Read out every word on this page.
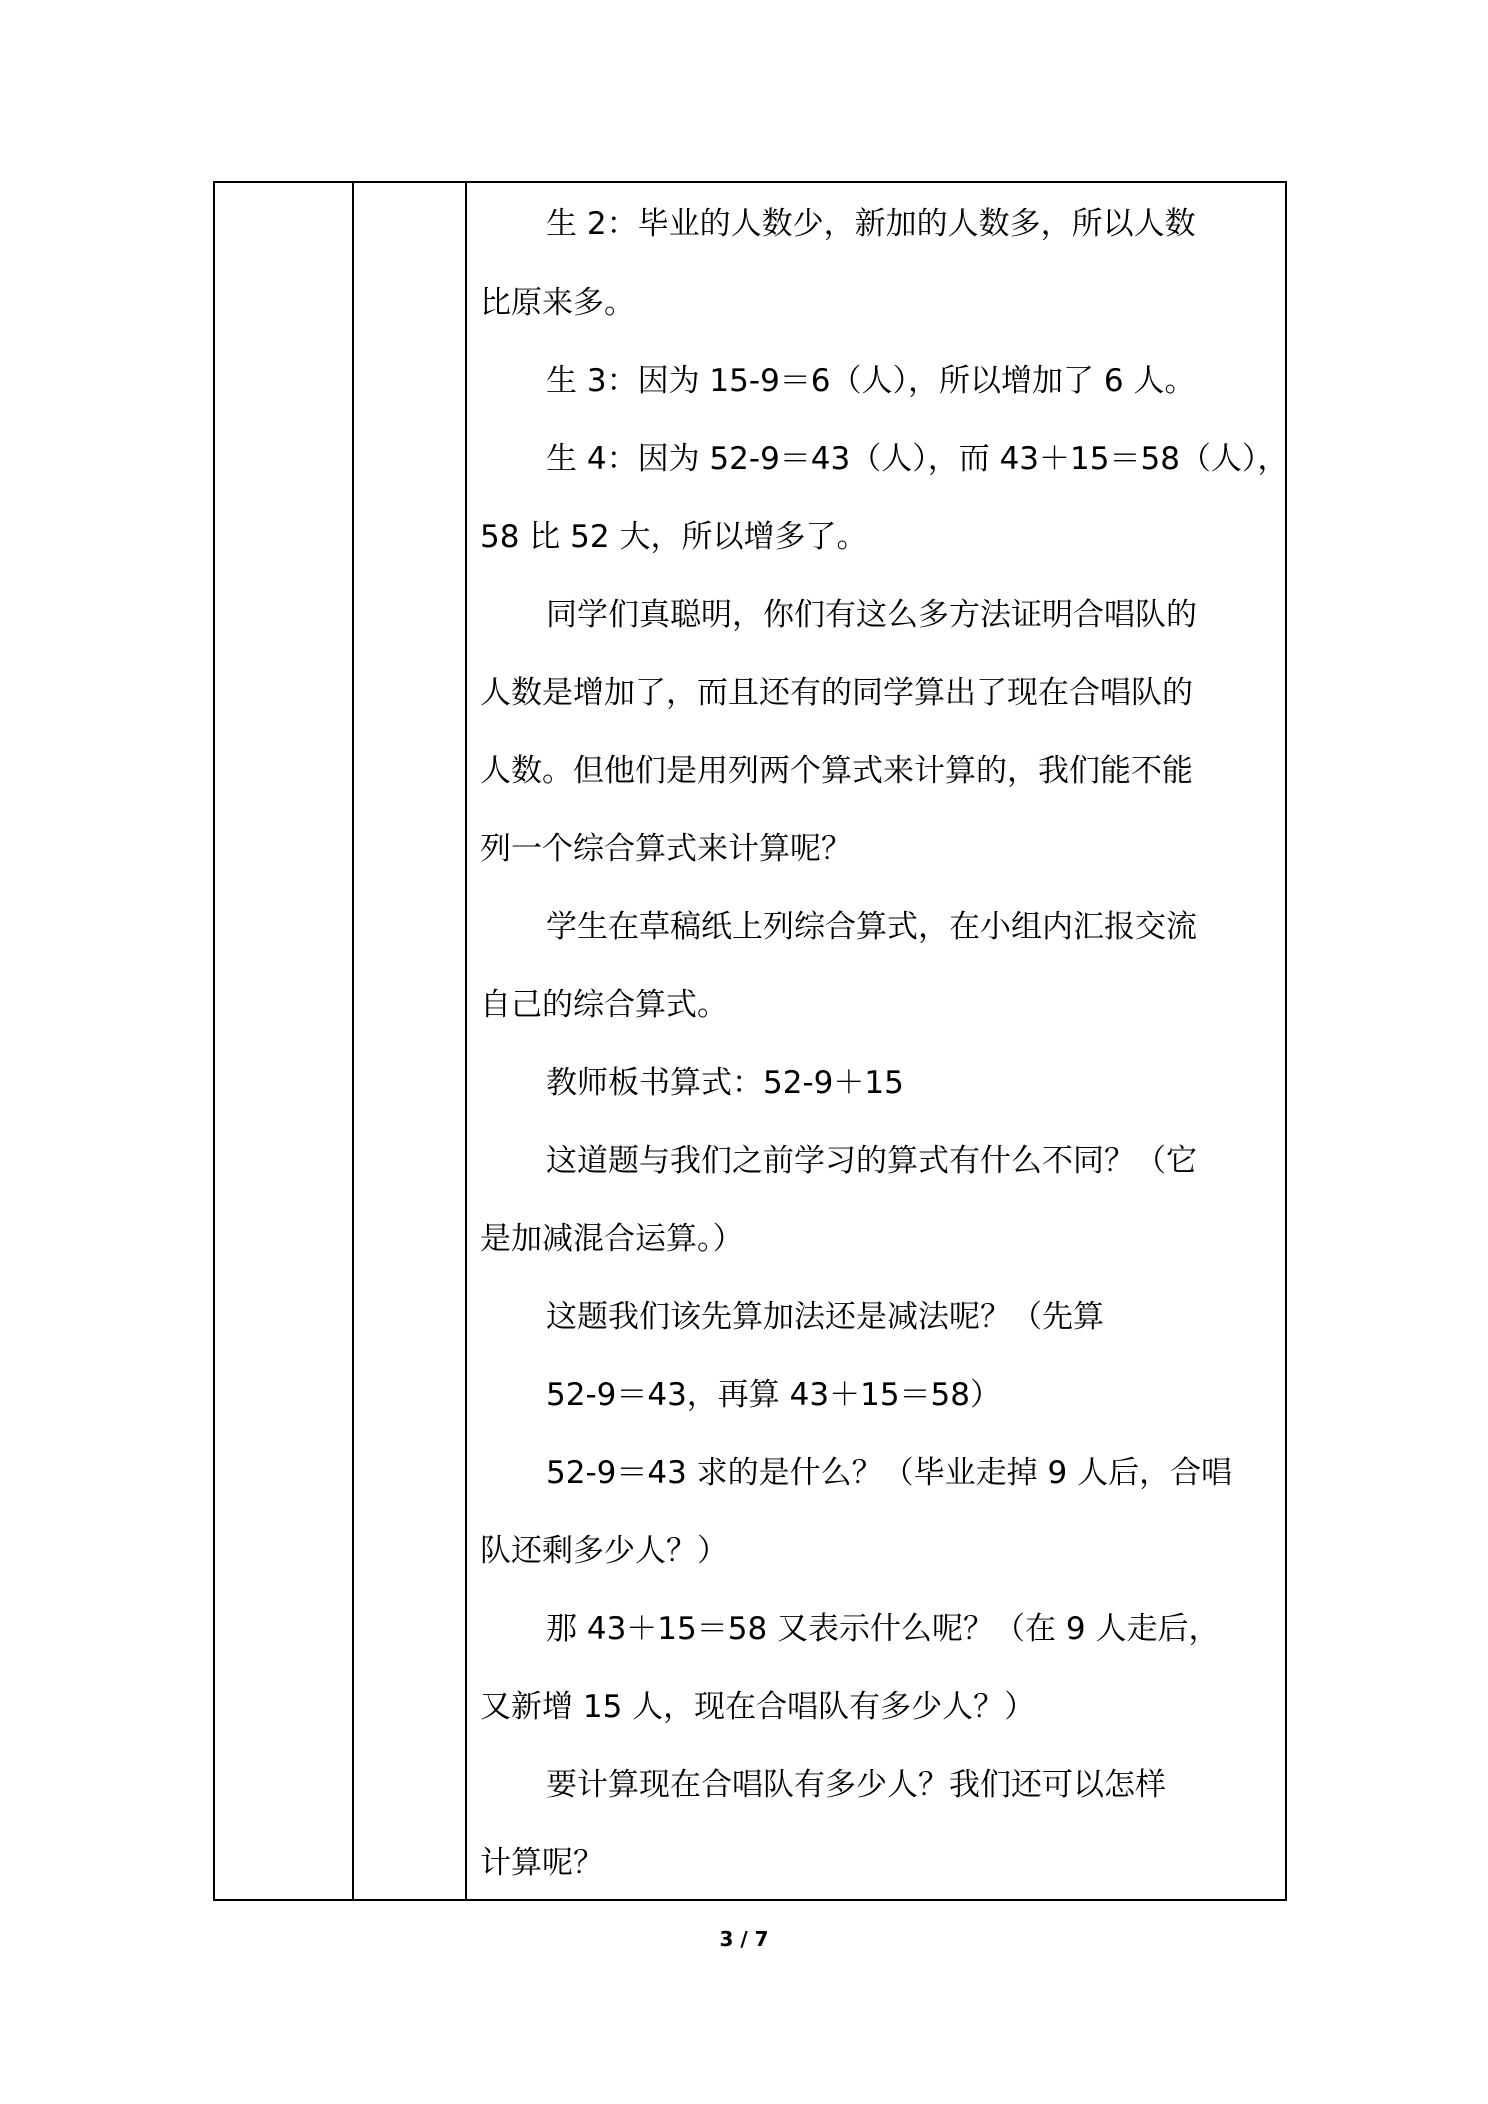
生 2：毕业的人数少，新加的人数多，所以人数
比原来多。
生 3：因为 15-9＝6（人），所以增加了 6 人。
生 4：因为 52-9＝43（人），而 43＋15＝58（人），
58 比 52 大，所以增多了。
同学们真聪明，你们有这么多方法证明合唱队的
人数是增加了，而且还有的同学算出了现在合唱队的
人数。但他们是用列两个算式来计算的，我们能不能
列一个综合算式来计算呢？
学生在草稿纸上列综合算式，在小组内汇报交流
自己的综合算式。
教师板书算式：52-9＋15
这道题与我们之前学习的算式有什么不同？（它
是加减混合运算。）
这题我们该先算加法还是减法呢？（先算
52-9＝43，再算 43＋15＝58）
52-9＝43 求的是什么？（毕业走掉 9 人后，合唱
队还剩多少人？）
那 43＋15＝58 又表示什么呢？（在 9 人走后，
又新增 15 人，现在合唱队有多少人？）
要计算现在合唱队有多少人？我们还可以怎样
计算呢？
3 / 7
